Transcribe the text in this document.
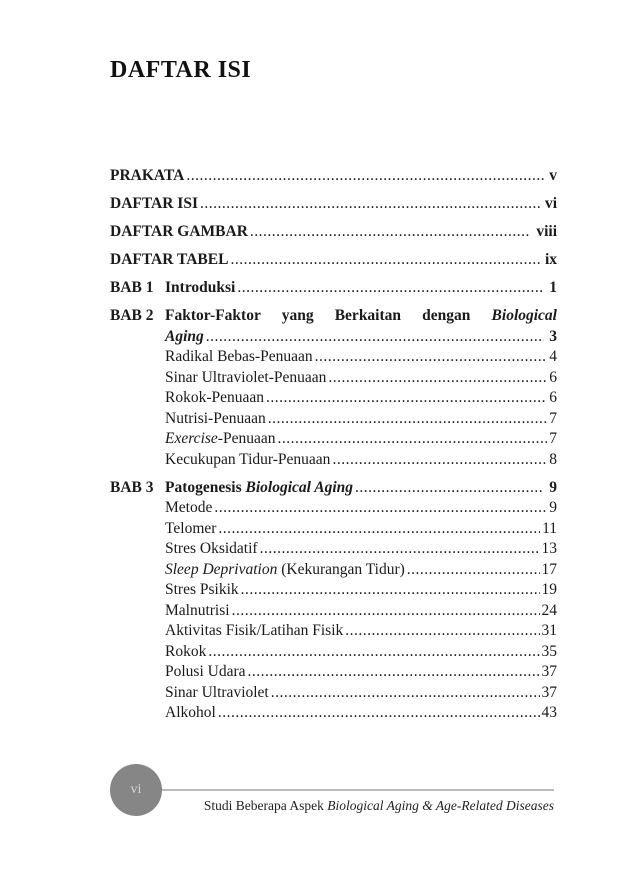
DAFTAR ISI
PRAKATA .....	v
DAFTAR ISI .....	vi
DAFTAR GAMBAR .....	viii
DAFTAR TABEL .....	ix
BAB 1 Introduksi .....	1
BAB 2 Faktor-Faktor yang Berkaitan dengan Biological
Aging .....	3
Radikal Bebas-Penuaan .....	4
Sinar Ultraviolet-Penuaan .....	6
Rokok-Penuaan .....	6
Nutrisi-Penuaan .....	7
Exercise-Penuaan .....	7
Kecukupan Tidur-Penuaan .....	8
BAB 3 Patogenesis Biological Aging .....	9
Metode .....	9
Telomer .....	11
Stres Oksidatif .....	13
Sleep Deprivation (Kekurangan Tidur) .....	17
Stres Psikik .....	19
Malnutrisi .....	24
Aktivitas Fisik/Latihan Fisik .....	31
Rokok .....	35
Polusi Udara .....	37
Sinar Ultraviolet .....	37
Alkohol .....	43
vi
Studi Beberapa Aspek Biological Aging & Age-Related Diseases
